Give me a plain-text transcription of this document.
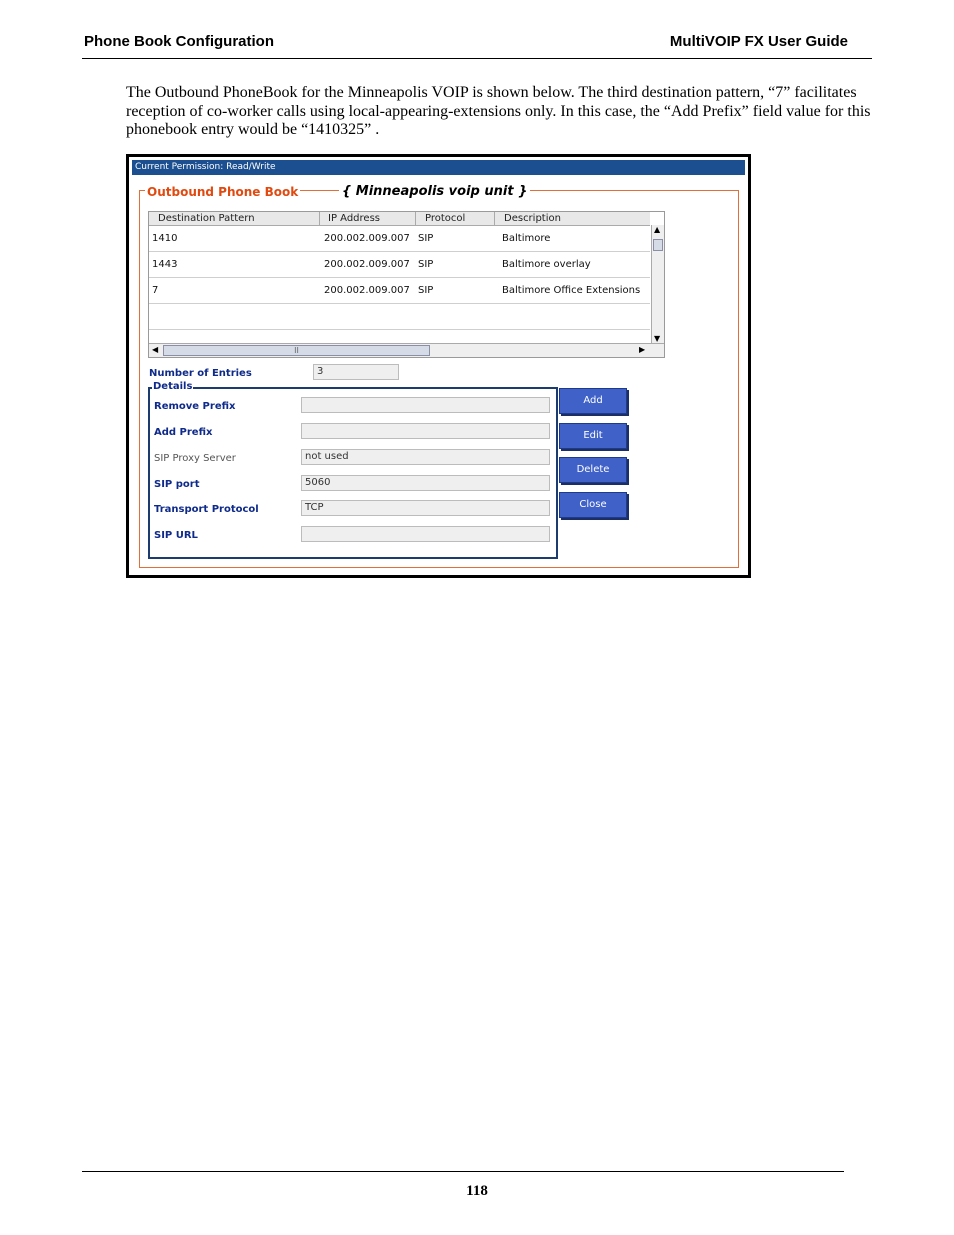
Phone Book Configuration	MultiVOIP FX User Guide

The Outbound PhoneBook for the Minneapolis VOIP is shown below. The third destination pattern, “7” facilitates reception of co-worker calls using local-appearing-extensions only. In this case, the “Add Prefix” field value for this phonebook entry would be “1410325” .

Current Permission: Read/Write
Outbound Phone Book	{ Minneapolis voip unit }
Destination Pattern	IP Address	Protocol	Description
1410	200.002.009.007 SIP	Baltimore
1443	200.002.009.007 SIP	Baltimore overlay
7	200.002.009.007 SIP	Baltimore Office Extensions
▲
▼
◀	II	▶
Number of Entries	3
Details
Remove Prefix
Add Prefix
SIP Proxy Server	not used
SIP port	5060
Transport Protocol	TCP
SIP URL
Add
Edit
Delete
Close
118
